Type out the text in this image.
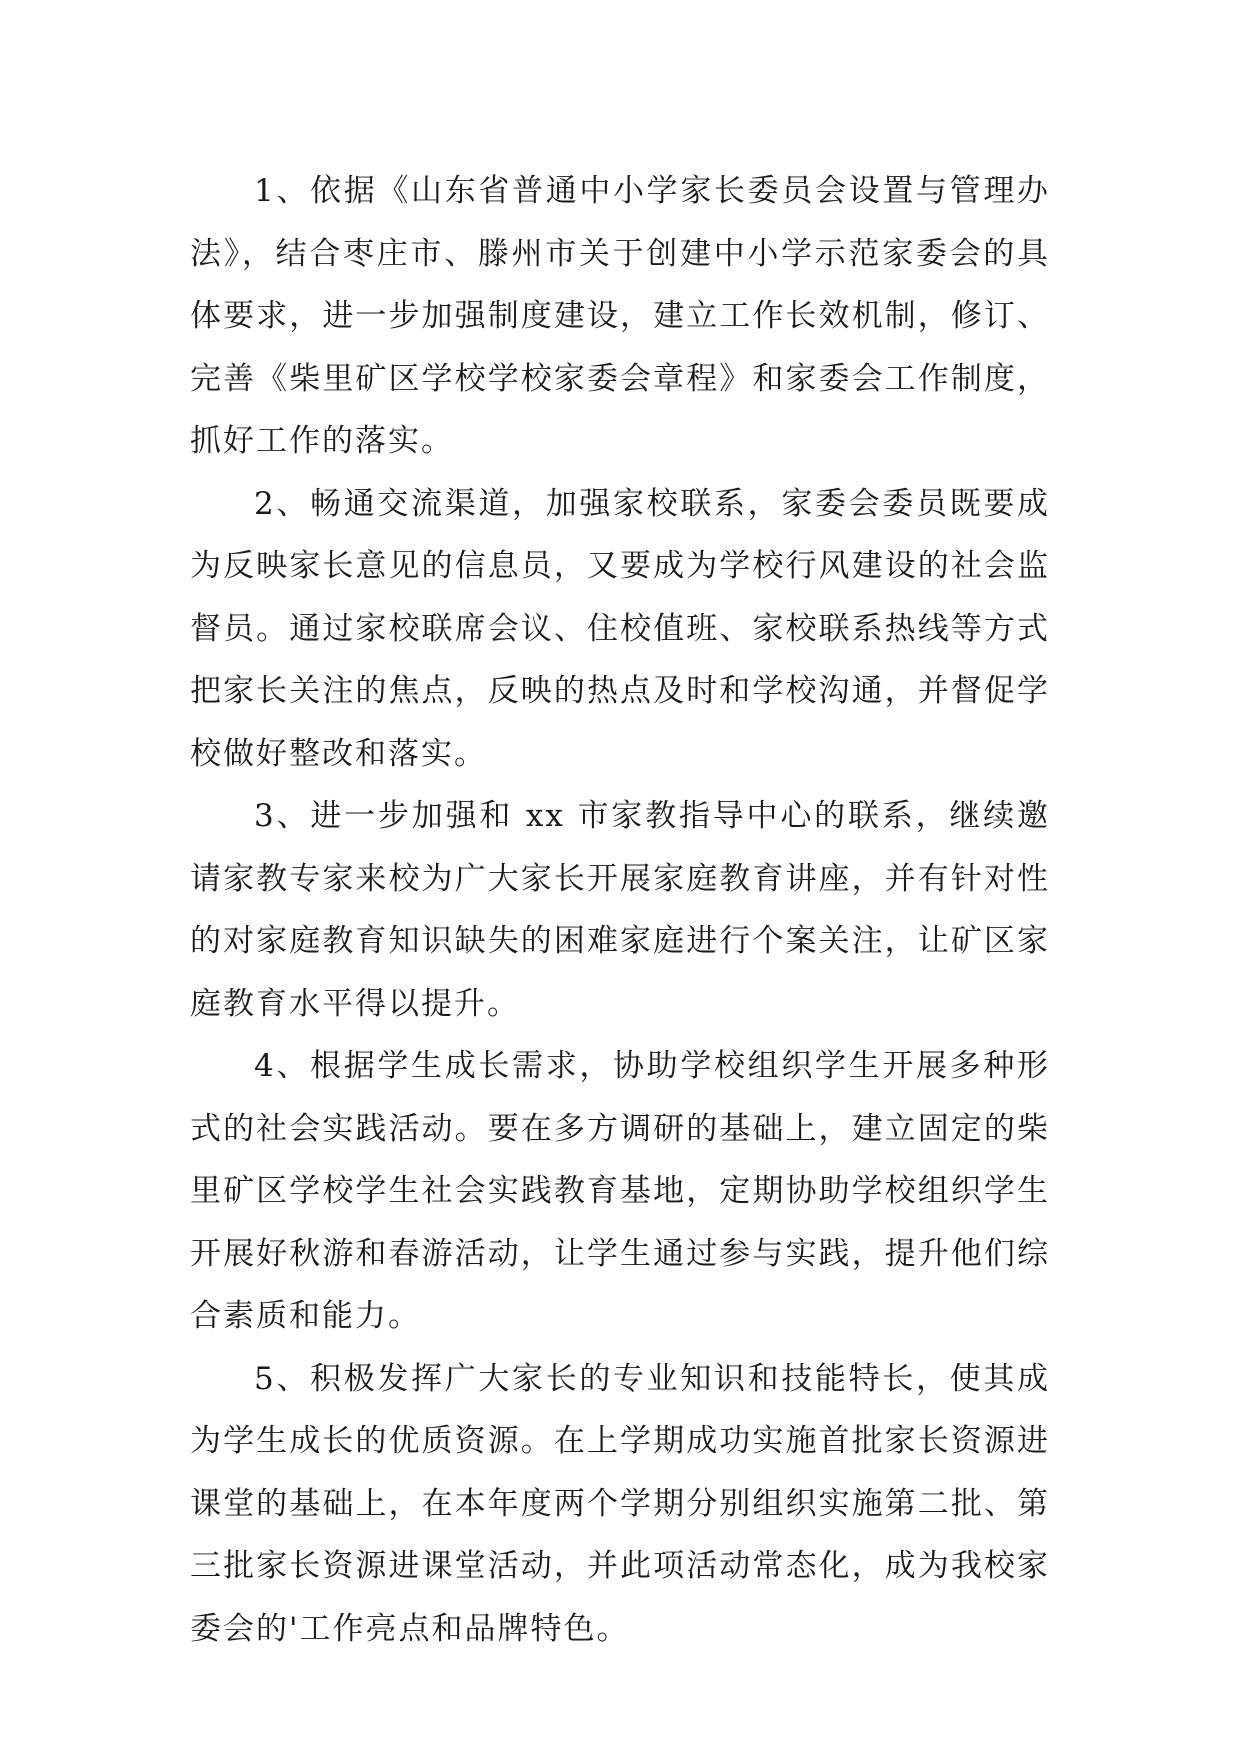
1、依据《山东省普通中小学家长委员会设置与管理办法》，结合枣庄市、滕州市关于创建中小学示范家委会的具体要求，进一步加强制度建设，建立工作长效机制，修订、完善《柴里矿区学校学校家委会章程》和家委会工作制度，抓好工作的落实。

2、畅通交流渠道，加强家校联系，家委会委员既要成为反映家长意见的信息员，又要成为学校行风建设的社会监督员。通过家校联席会议、住校值班、家校联系热线等方式把家长关注的焦点，反映的热点及时和学校沟通，并督促学校做好整改和落实。

3、进一步加强和 xx 市家教指导中心的联系，继续邀请家教专家来校为广大家长开展家庭教育讲座，并有针对性的对家庭教育知识缺失的困难家庭进行个案关注，让矿区家庭教育水平得以提升。

4、根据学生成长需求，协助学校组织学生开展多种形式的社会实践活动。要在多方调研的基础上，建立固定的柴里矿区学校学生社会实践教育基地，定期协助学校组织学生开展好秋游和春游活动，让学生通过参与实践，提升他们综合素质和能力。

5、积极发挥广大家长的专业知识和技能特长，使其成为学生成长的优质资源。在上学期成功实施首批家长资源进课堂的基础上，在本年度两个学期分别组织实施第二批、第三批家长资源进课堂活动，并此项活动常态化，成为我校家委会的'工作亮点和品牌特色。
